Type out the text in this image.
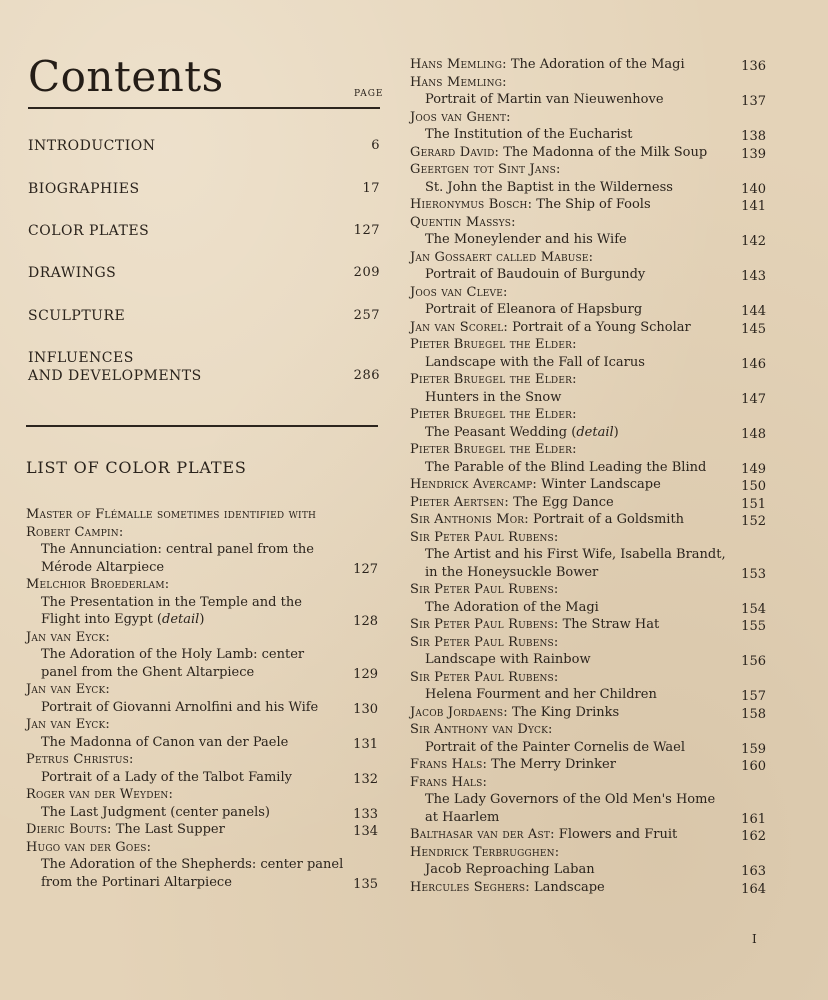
Contents	PAGE
INTRODUCTION	6
BIOGRAPHIES	17
COLOR PLATES	127
DRAWINGS	209
SCULPTURE	257
INFLUENCES
AND DEVELOPMENTS	286
LIST OF COLOR PLATES
Master of Flémalle sometimes identified with
Robert Campin:
The Annunciation: central panel from the
Mérode Altarpiece	127
Melchior Broederlam:
The Presentation in the Temple and the
Flight into Egypt (detail)	128
Jan van Eyck:
The Adoration of the Holy Lamb: center
panel from the Ghent Altarpiece	129
Jan van Eyck:
Portrait of Giovanni Arnolfini and his Wife	130
Jan van Eyck:
The Madonna of Canon van der Paele	131
Petrus Christus:
Portrait of a Lady of the Talbot Family	132
Roger van der Weyden:
The Last Judgment (center panels)	133
Dieric Bouts: The Last Supper	134
Hugo van der Goes:
The Adoration of the Shepherds: center panel
from the Portinari Altarpiece	135
Hans Memling: The Adoration of the Magi	136
Hans Memling:
Portrait of Martin van Nieuwenhove	137
Joos van Ghent:
The Institution of the Eucharist	138
Gerard David: The Madonna of the Milk Soup	139
Geertgen tot Sint Jans:
St. John the Baptist in the Wilderness	140
Hieronymus Bosch: The Ship of Fools	141
Quentin Massys:
The Moneylender and his Wife	142
Jan Gossaert called Mabuse:
Portrait of Baudouin of Burgundy	143
Joos van Cleve:
Portrait of Eleanora of Hapsburg	144
Jan van Scorel: Portrait of a Young Scholar	145
Pieter Bruegel the Elder:
Landscape with the Fall of Icarus	146
Pieter Bruegel the Elder:
Hunters in the Snow	147
Pieter Bruegel the Elder:
The Peasant Wedding (detail)	148
Pieter Bruegel the Elder:
The Parable of the Blind Leading the Blind	149
Hendrick Avercamp: Winter Landscape	150
Pieter Aertsen: The Egg Dance	151
Sir Anthonis Mor: Portrait of a Goldsmith	152
Sir Peter Paul Rubens:
The Artist and his First Wife, Isabella Brandt,
in the Honeysuckle Bower	153
Sir Peter Paul Rubens:
The Adoration of the Magi	154
Sir Peter Paul Rubens: The Straw Hat	155
Sir Peter Paul Rubens:
Landscape with Rainbow	156
Sir Peter Paul Rubens:
Helena Fourment and her Children	157
Jacob Jordaens: The King Drinks	158
Sir Anthony van Dyck:
Portrait of the Painter Cornelis de Wael	159
Frans Hals: The Merry Drinker	160
Frans Hals:
The Lady Governors of the Old Men's Home
at Haarlem	161
Balthasar van der Ast: Flowers and Fruit	162
Hendrick Terbrugghen:
Jacob Reproaching Laban	163
Hercules Seghers: Landscape	164
I
